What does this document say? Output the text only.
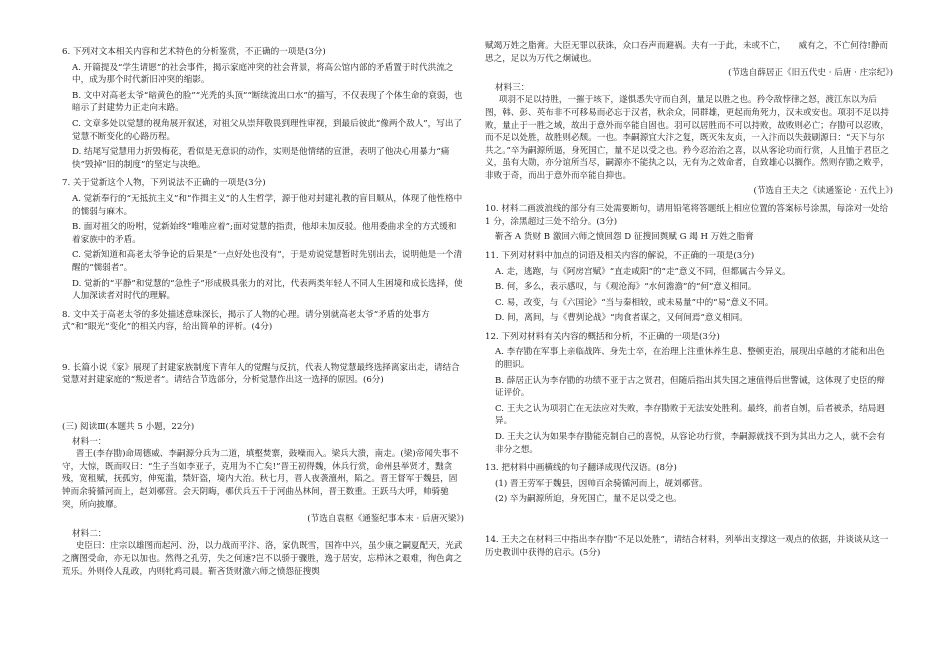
6. 下列对文本相关内容和艺术特色的分析鉴赏，不正确的一项是(3分)

A. 开篇提及“学生请愿”的社会事件，揭示家庭冲突的社会背景，将高公馆内部的矛盾置于时代洪流之中，成为那个时代新旧冲突的缩影。

B. 文中对高老太爷“暗黄色的脸”“光秃的头顶”“断续流出口水”的描写，不仅表现了个体生命的衰弱，也暗示了封建势力正走向末路。

C. 文章多处以觉慧的视角展开叙述，对祖父从崇拜敬畏到理性审视，到最后彼此“像两个敌人”，写出了觉慧不断变化的心路历程。

D. 结尾写觉慧用力折毁梅花，看似是无意识的动作，实则是他情绪的宣泄，表明了他决心用暴力“痛快”毁掉“旧的制度”的坚定与决绝。

7. 关于觉新这个人物，下列说法不正确的一项是(3分)

A. 觉新奉行的“无抵抗主义”和“作揖主义”的人生哲学，源于他对封建礼教的盲目顺从，体现了他性格中的懦弱与麻木。

B. 面对祖父的吩咐，觉新始终“唯唯应着”;面对觉慧的指责，他却未加反驳。他用委曲求全的方式缓和着家族中的矛盾。

C. 觉新知道和高老太爷争论的后果是“一点好处也没有”，于是劝说觉慧暂时先别出去，说明他是一个清醒的“懦弱者”。

D. 觉新的“平静”和觉慧的“急性子”形成极具张力的对比，代表两类年轻人不同人生困境和成长选择，使人加深读者对时代的理解。

8. 文中关于高老太爷的多处描述意味深长，揭示了人物的心理。请分别就高老太爷“矛盾的处事方式”和“眼光”变化”的相关内容，给出简单的评析。(4分)

9. 长篇小说《家》展现了封建家族制度下青年人的觉醒与反抗，代表人物觉慧最终选择离家出走，请结合觉慧对封建家庭的“叛逆者”。请结合节选部分，分析觉慧作出这一选择的原因。(6分)

(三) 阅读Ⅲ(本题共 5 小题，22分)

材料一：

晋王(李存勖)命周德威、李嗣源分兵为二道，填壑焚寨，鼓噪而入。梁兵大溃，南走。(梁)帝闻失事不守，大惊，既而叹曰：“生子当如李亚子，克用为不亡矣!”晋王初得魏，休兵行赏，命州县举贤才，黜贪残，宽租赋，抚孤穷，伸冤滥，禁奸盗，境内大治。秋七月，晋人夜袭澶州，陷之。晋王督军于魏县，固钟而余骑循河而上，赵刘鄩营。会天阴晦，鄩伏兵五千于河曲丛林间，晋王数重。王跃马大呼，帅骑驰突，所向披靡。

(节选自袁枢《通鉴纪事本末 · 后唐灭梁》)

材料二：

史臣曰：庄宗以雄图而起河、汾，以力战而平汴、洛，家仇既雪，国祚中兴，虽少康之嗣夏配天，光武之膺图受命，亦无以加也。然得之孔劳，失之何速?岂不以骄于骤胜，逸于居安，忘栉沐之艰难，徇色禽之荒乐。外则伶人乱政，内则牝鸡司晨。靳吝货财激六师之愤怨征搜舆

赋竭万姓之脂膏。大臣无罪以获诛，众口吞声而避祸。夫有一于此，未或不亡，　　威有之，不亡何待!静而思之，足以为万代之炯诫也。

(节选自薛居正《旧五代史 · 后唐 · 庄宗纪》)

材料三：

项羽不足以持胜，一摧于垓下，遂惧悉失守而自刭，量足以胜之也。矜令敌悖律之怒，渡江东以为后图，韩、彭、英布非不可移易而必忘于汉者，秋余众，同群雄，更起而角死力，汉未或安也。项羽不足以持败，量止于一胜之域，故出于意外而卒能自固也。羽可以居胜而不可以持败，故败则必亡；存勖可以忍败，而不足以处胜，故胜则必颓。一也。李嗣源宜大汴之复，既灭朱友贞，一入汴而以失鼓刷源曰：“天下与尔共之。”卒为嗣源所逼，身死国亡，量不足以受之也。矜今忍治治之喜，以从客论功而行赏，人且恤于君臣之义，虽有大勋，亦分谊所当尽，嗣源亦不能执之以，无有为之效命者，自致雄心以搁作。然则存勖之败乎，非败于奇，而出于意外而卒能自抑也。

(节选自王夫之《读通鉴论 · 五代上》)

10. 材料二画波浪线的部分有三处需要断句，请用铅笔将答题纸上相应位置的答案标号涂黑，每涂对一处给 1 分，涂黑超过三处不给分。(3分)

靳吝 A 货财 B 激回六师之愤回怨 D 征搜回舆赋 G 竭 H 万姓之脂膏

11. 下列对材料中加点的词语及相关内容的解说，不正确的一项是(3分)

A. 走，逃跑，与《阿房宫赋》“直走咸阳”的“走”意义不同，但都属古今异义。

B. 何，多么，表示感叹，与《观沧海》“水何澹澹”的“何”意义相同。

C. 易，改变，与《六国论》“当与秦相较，或未易量”中的“易”意义不同。

D. 间，离间，与《曹刿论战》“肉食者谋之，又何间焉”意义相同。

12. 下列对材料有关内容的概括和分析，不正确的一项是(3分)

A. 李存勖在军事上亲临战阵、身先士卒，在治理上注重休养生息、整顿吏治，展现出卓越的才能和出色的胆识。

B. 薛居正认为李存勖的功绩不亚于古之贤君，但随后指出其失国之速值得后世警诫，这体现了史臣的辩证评价。

C. 王夫之认为项羽亡在无法应对失败，李存勖败于无法安处胜利。最终，前者自刎，后者被杀，结局迥异。

D. 王夫之认为如果李存勖能克制自己的喜悦，从容论功行赏，李嗣源就找不到为其出力之人，就不会有非分之想。

13. 把材料中画横线的句子翻译成现代汉语。(8分)

(1) 晋王劳军于魏县，因帅百余骑循河而上，觇刘鄩营。

(2) 卒为嗣源所迫，身死国亡，量不足以受之也。

14. 王夫之在材料三中指出李存勖“不足以处胜”，请结合材料，列举出支撑这一观点的依据，并谈谈从这一历史教训中获得的启示。(5分)
